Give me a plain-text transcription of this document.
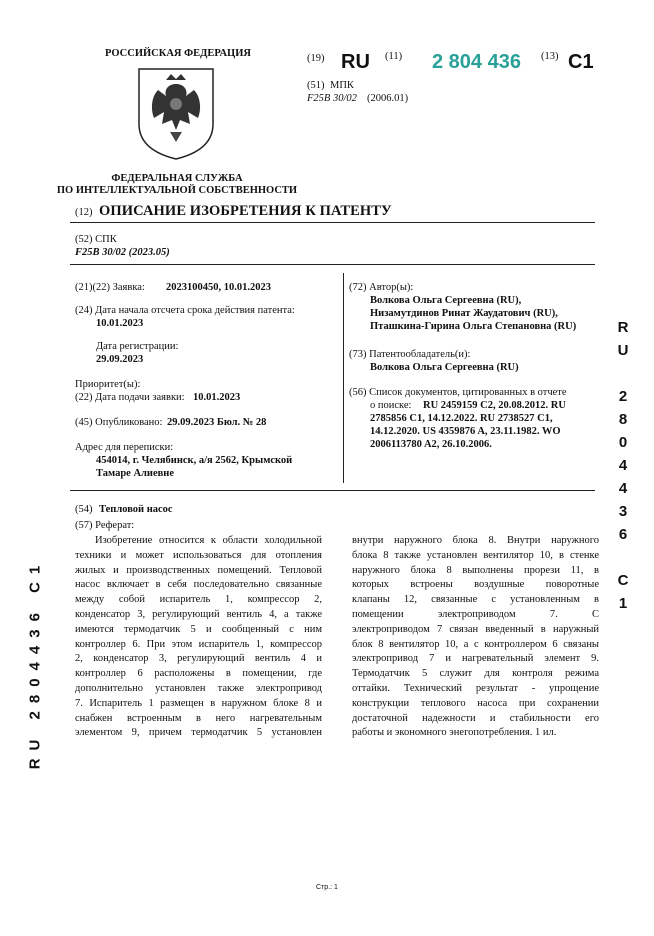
РОССИЙСКАЯ ФЕДЕРАЦИЯ
ФЕДЕРАЛЬНАЯ СЛУЖБА
ПО ИНТЕЛЛЕКТУАЛЬНОЙ СОБСТВЕННОСТИ
(19) RU (11) 2 804 436 (13) C1
(51) МПК
F25B 30/02 (2006.01)
(12) ОПИСАНИЕ ИЗОБРЕТЕНИЯ К ПАТЕНТУ
(52) СПК
F25B 30/02 (2023.05)
(21)(22) Заявка: 2023100450, 10.01.2023
(24) Дата начала отсчета срока действия патента:
10.01.2023
Дата регистрации:
29.09.2023
Приоритет(ы):
(22) Дата подачи заявки: 10.01.2023
(45) Опубликовано: 29.09.2023 Бюл. № 28
Адрес для переписки:
454014, г. Челябинск, а/я 2562, Крымской
Тамаре Алиевне
(72) Автор(ы):
Волкова Ольга Сергеевна (RU),
Низамутдинов Ринат Жаудатович (RU),
Пташкина-Гирина Ольга Степановна (RU)
(73) Патентообладатель(и):
Волкова Ольга Сергеевна (RU)
(56) Список документов, цитированных в отчете
о поиске: RU 2459159 C2, 20.08.2012. RU
2785856 C1, 14.12.2022. RU 2738527 C1,
14.12.2020. US 4359876 A, 23.11.1982. WO
2006113780 A2, 26.10.2006.
(54) Тепловой насос
(57) Реферат:
Изобретение относится к области холодильной
техники и может использоваться для отопления
жилых и производственных помещений. Тепловой
насос включает в себя последовательно связанные
между собой испаритель 1, компрессор 2,
конденсатор 3, регулирующий вентиль 4, а также
имеются термодатчик 5 и сообщенный с ним
контроллер 6. При этом испаритель 1, компрессор
2, конденсатор 3, регулирующий вентиль 4 и
контроллер 6 расположены в помещении, где
дополнительно установлен также электропривод
7. Испаритель 1 размещен в наружном блоке 8 и
снабжен встроенным в него нагревательным
элементом 9, причем термодатчик 5 установлен
внутри наружного блока 8. Внутри наружного
блока 8 также установлен вентилятор 10, в стенке
наружного блока 8 выполнены прорези 11, в
которых встроены воздушные поворотные
клапаны 12, связанные с установленным в
помещении электроприводом 7. С
электроприводом 7 связан введенный в наружный
блок 8 вентилятор 10, а с контроллером 6 связаны
электропривод 7 и нагревательный элемент 9.
Термодатчик 5 служит для контроля режима
оттайки. Технический результат - упрощение
конструкции теплового насоса при сохранении
достаточной надежности и стабильности его
работы и экономного энегопотребления. 1 ил.
R
U

2
8
0
4
4
3
6

C
1
RU 2804436 C1
Стр.: 1
